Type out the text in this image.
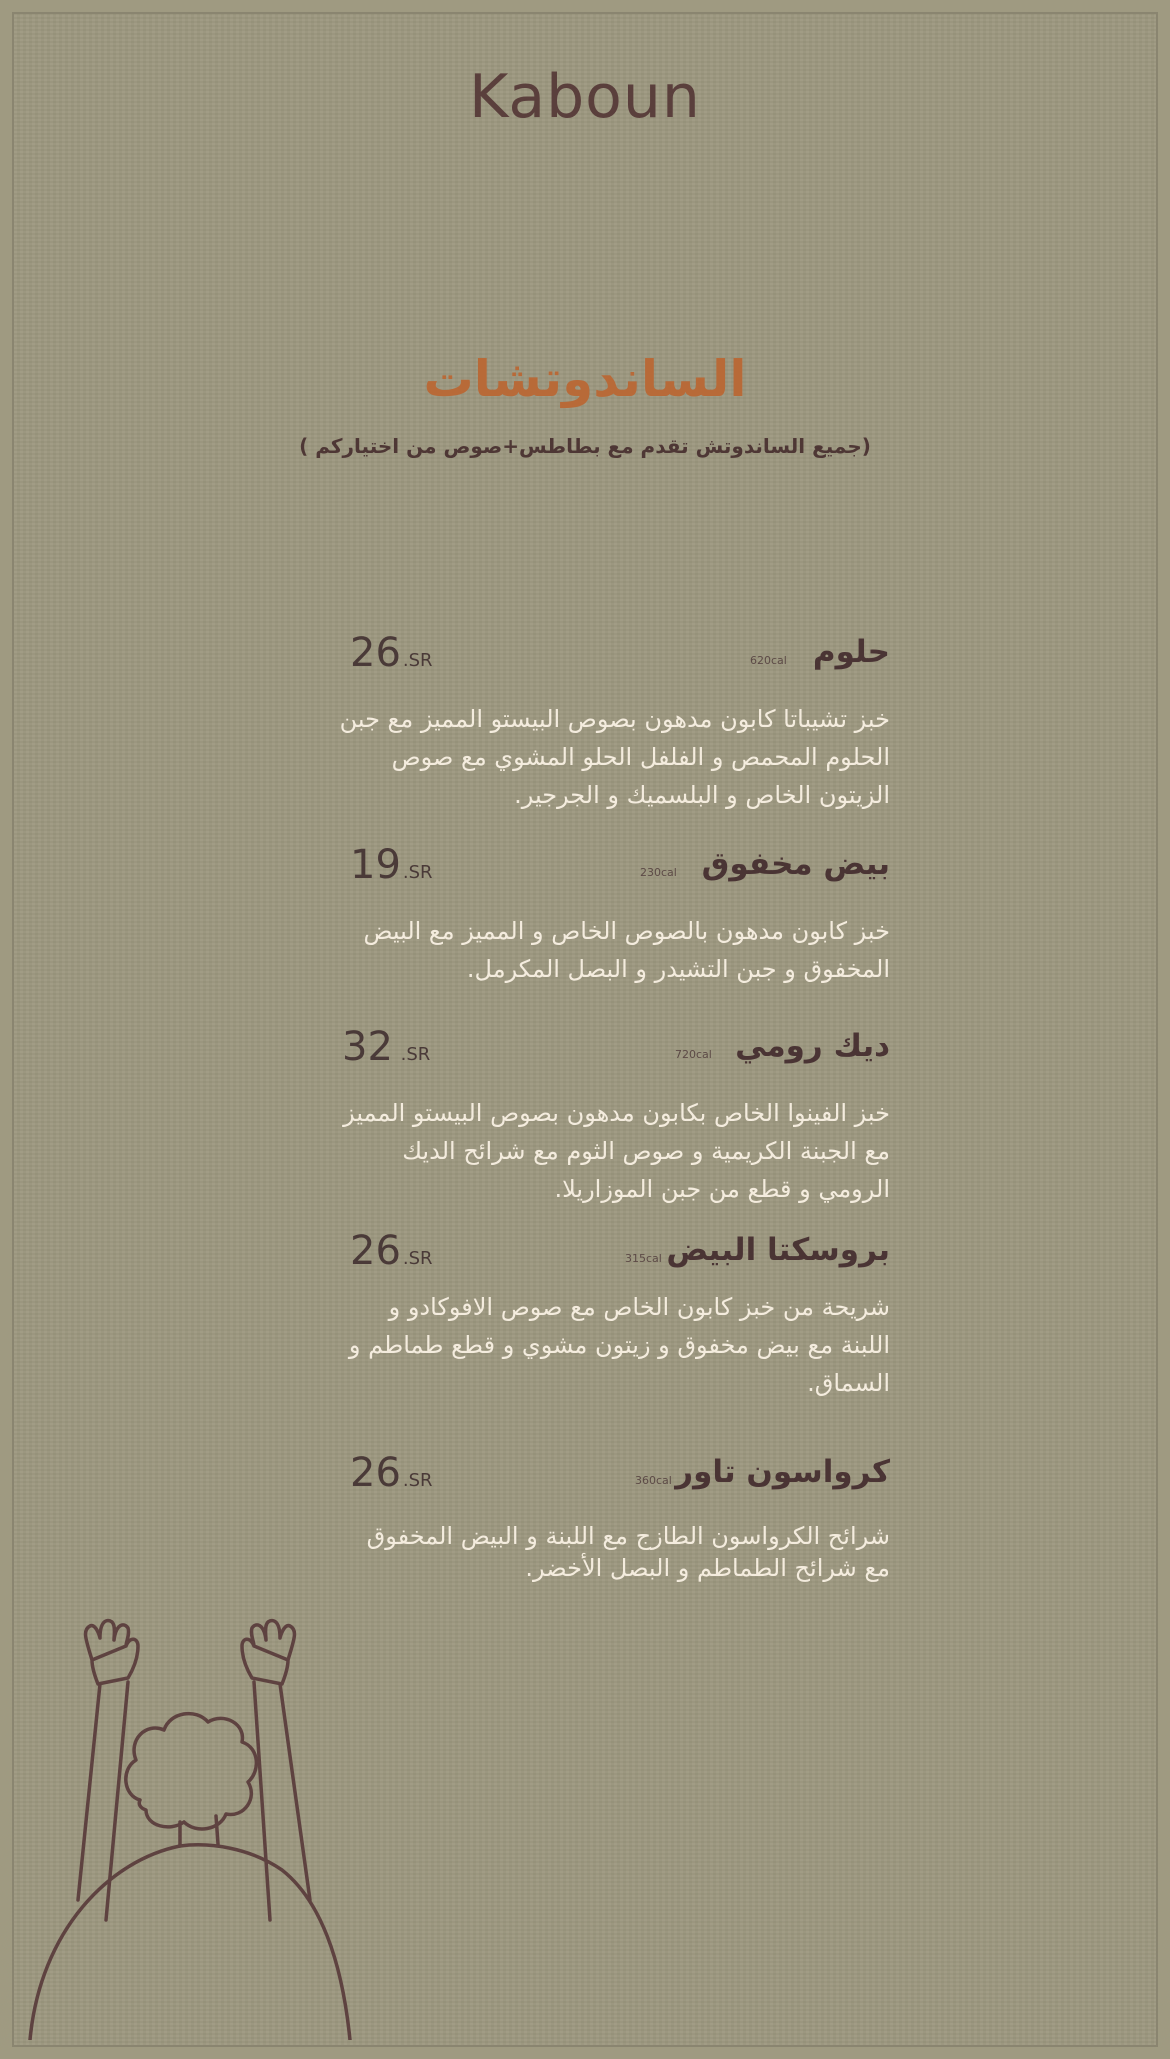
Kaboun
الساندوتشات
(جميع الساندوتش تقدم مع بطاطس+صوص من اختياركم )
حلوم
620cal
26 .SR
خبز تشيباتا كابون مدهون بصوص البيستو المميز مع جبن الحلوم المحمص و الفلفل الحلو المشوي مع صوص الزيتون الخاص و البلسميك و الجرجير.
بيض مخفوق
230cal
19 .SR
خبز كابون مدهون بالصوص الخاص و المميز مع البيض المخفوق و جبن التشيدر و البصل المكرمل.
ديك رومي
720cal
32 .SR
خبز الفينوا الخاص بكابون مدهون بصوص البيستو المميز مع الجبنة الكريمية و صوص الثوم مع شرائح الديك الرومي و قطع من جبن الموزاريلا.
بروسكتا البيض
315cal
26 .SR
شريحة من خبز كابون الخاص مع صوص الافوكادو و اللبنة مع بيض مخفوق و زيتون مشوي و قطع طماطم و السماق.
كرواسون تاور
360cal
26 .SR
شرائح الكرواسون الطازج مع اللبنة و البيض المخفوق مع شرائح الطماطم و البصل الأخضر.
